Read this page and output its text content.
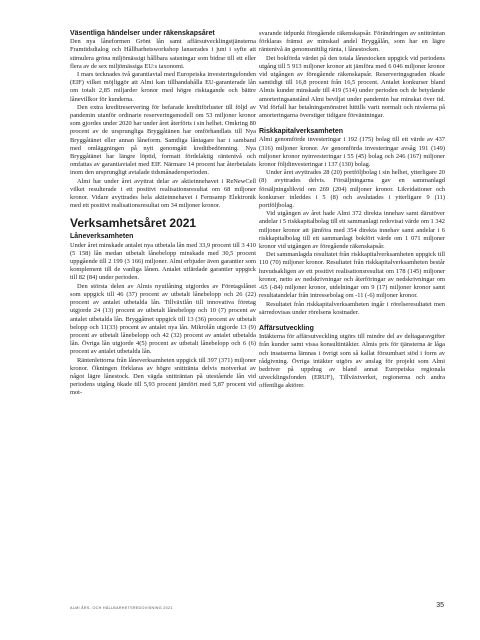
Väsentliga händelser under räkenskapsåret

Den nya låneformen Grönt lån samt affärsutvecklingstjänsterna Framtidsdialog och Hållbarhetsworkshop lanserades i juni i syfte att stimulera gröna miljömässigt hållbara satsningar som bidrar till ett eller flera av de sex miljömässiga EU:s taxonomi.

I mars tecknades två garantiavtal med Europeiska investeringsfonden (EIF) vilket möjliggör att Almi kan tillhandahålla EU-garanterade lån om totalt 2,85 miljarder kronor med högre risktagande och bättre lånevillkor för kunderna.

Den extra kreditreservering för befarade kreditförluster till följd av pandemin utanför ordinarie reserveringsmodell om 53 miljoner kronor som gjordes under 2020 har under året återförts i sin helhet. Omkring 80 procent av de ursprungliga Bryggåtänen har omförhandlats till Nya Bryggåtänet eller annan låneform. Samtliga låntagare har i samband med omläggningen på nytt genomgått kreditbedömning. Nya Bryggåtänet har längre löptid, formatt fördelaktig räntenivå och omfattas av garantiavtalet med EIF. Närmare 14 procent har återbetalats inom den ursprungligt avtalade tidsmånadersperioden.

Almi har under året avyttrat delar av aktieinnehavet i ReNewCell vilket resulterade i ett positivt realisationsresultat om 68 miljoner kronor. Vidare avyttrades hela aktieinnehavet i Fernsamp Elektronik med ett positivt realisationsresultat om 34 miljoner kronor.

Verksamhetsåret 2021
Låneverksamheten

Under året minskade antalet nya utbetala lån med 33,9 procent till 3 410 (5 158) lån medan utbetalt lånebelopp minskade med 30,5 procent uppgående till 2 199 (3 166) miljoner. Almi erbjuder även garantier som komplement till de vanliga lånen. Antalet utfärdade garantier uppgick till 82 (84) under perioden.

Den största delen av Almis nyutlåning utgjordes av Företagslånet som uppgick till 46 (37) procent av utbetalt lånebelopp och 26 (22) procent av antalet utbetalda lån. Tillväxtlån till innovativa företag utgjorde 24 (13) procent av utbetalt lånebelopp och 10 (7) procent av antalet utbetalda lån. Bryggåtnet uppgick till 13 (36) procent av utbetalt belopp och 11(33) procent av antalet nya lån. Mikrolån utgjorde 13 (9) procent av utbetalt lånebelopp och 42 (32) procent av antalet utbetalda lån. Övriga lån utgjorde 4(5) procent av utbetalt lånebelopp och 6 (6) procent av antalet utbetalda lån.

Räntenlettorna från låneverksamheten uppgick till 397 (371) miljoner kronor. Ökningen förklaras av högre snittränta delvis motverkat av något lägre lånestock. Den vägda snitträntan på utestående lån vid periodens utgång ökade till 5,93 procent jämfört med 5,87 procent vid mot-

svarande tidpunkt föregående räkenskapsår. Förändringen av snitträntan förklaras främst av minskad andel Bryggålån, som har en lägre räntenivå än genomsnittlig ränta, i lånestocken.

Det bokförda värdet på den totala lånestocken uppgick vid periodens utgång till 5 913 miljoner kronor att jämföra med 6 046 miljoner kronor vid utgången av föregående räkenskapsår. Reserveringsgraden ökade samtidigt till 16,8 procent från 16,5 procent. Antalet konkurser bland Almis kunder minskade till 419 (514) under perioden och de betydande amorteringsanstånd Almi beviljat under pandemin har minskat över tid. Vid förfall har betalningsmönstret hittills varit normalt och nivåerna på amorteringarna överstiger tidigare förväntningar.

Riskkapitalverksamheten

Almi genomförde investeringar i 192 (175) bolag till ett värde av 437 (316) miljoner kronor. Av genomförda investeringar avsåg 191 (149) miljoner kronor nyinvesteringar i 55 (45) bolag och 246 (167) miljoner kronor följdinvesteringar i 137 (130) bolag.

Under året avyttrades 28 (20) portföljbolag i sin helhet, ytterligare 20 (8) avyttrades delvis. Försäljningarna gav en sammanlagd försäljningslikvid om 269 (204) miljoner kronor. Likvidationer och konkurser inleddes i 5 (8) och avslutades i ytterligare 9 (11) portföljbolag.

Vid utgången av året hade Almi 372 direkta innehav samt därutöver andelar i 5 riskkapitalbolag till ett sammanlagt redovisat värde om 1 342 miljoner kronor att jämföra med 354 direkta innehav samt andelar i 6 riskkapitalbolag till ett sammanlagt bokfört värde om 1 071 miljoner kronor vid utgången av föregående räkenskapsår.

Det sammanlagda resultatet från riskkapitalverksamheten uppgick till 110 (70) miljoner kronor. Resultatet från riskkapitalverksamheten består huvudsakligen av ett positivt realisationsresultat om 178 (145) miljoner kronor, netto av nedskrivningar och återföringar av nedskrivningar om -65 (-84) miljoner kronor, utdelningar om 9 (17) miljoner kronor samt resultatandelar från intressebolag om -11 (-6) miljoner kronor.

Resultatet från riskkapitalverksamheten ingår i rörelseresultatet men särredovisas under rörelsens kostnader.

Affärsutveckling

Intäkterna för affärsutveckling utgörs till mindre del av deltagaravgifter från kunder samt vissa konsultintäkter. Almis pris för tjänsterna är låga och insatserna lämnas i övrigt som så kallat försumbart stöd i form av rådgivning. Övriga intäkter utgörs av anslag för projekt som Almi bedriver på uppdrag av bland annat Europeiska regionala utvecklingsfonden (ERUF), Tillväxtverket, regionerna och andra offentliga aktörer.

ALMI ÅRS- OCH HÅLLBARHETSREDOVISNING 2021	35
